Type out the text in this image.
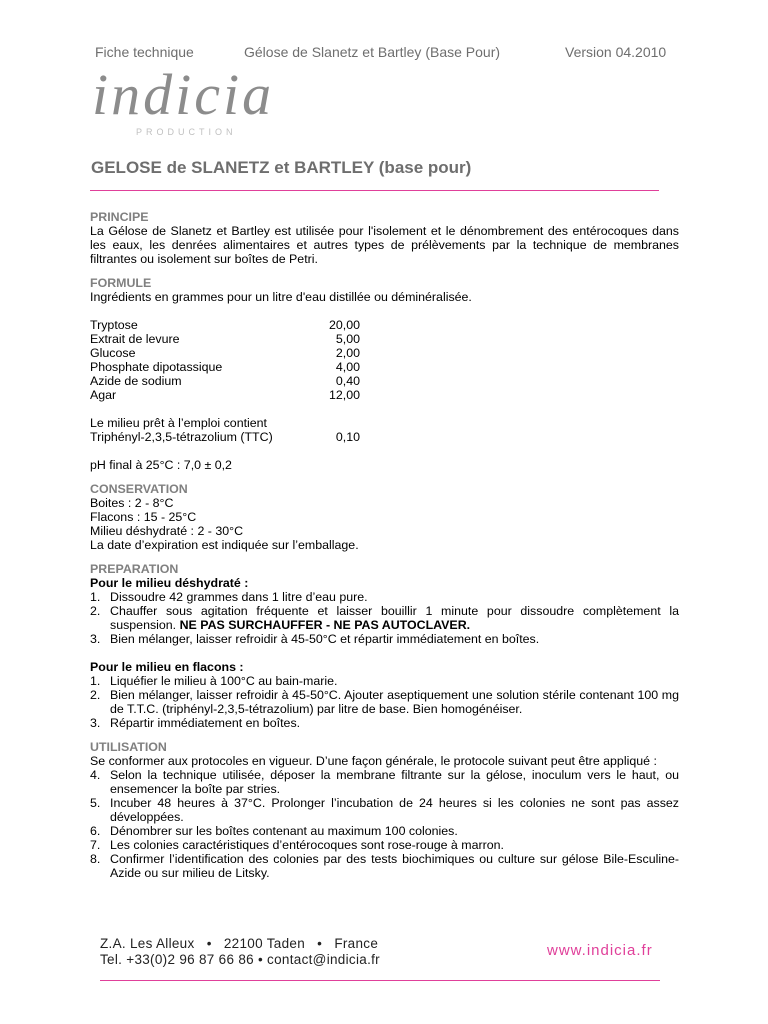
Fiche technique	Gélose de Slanetz et Bartley (Base Pour)	Version 04.2010
indicia
PRODUCTION
GELOSE de SLANETZ et BARTLEY (base pour)
PRINCIPE

La Gélose de Slanetz et Bartley est utilisée pour l'isolement et le dénombrement des entérocoques dans les eaux, les denrées alimentaires et autres types de prélèvements par la technique de membranes filtrantes ou isolement sur boîtes de Petri.

FORMULE

Ingrédients en grammes pour un litre d'eau distillée ou déminéralisée.

Tryptose	20,00
Extrait de levure	5,00
Glucose	2,00
Phosphate dipotassique	4,00
Azide de sodium	0,40
Agar	12,00

Le milieu prêt à l’emploi contient

Triphényl-2,3,5-tétrazolium (TTC)	0,10

pH final à 25°C : 7,0 ± 0,2

CONSERVATION

Boites : 2 - 8°C

Flacons : 15 - 25°C

Milieu déshydraté : 2 - 30°C

La date d’expiration est indiquée sur l’emballage.

PREPARATION

Pour le milieu déshydraté :

1. Dissoudre 42 grammes dans 1 litre d’eau pure.
2. Chauffer sous agitation fréquente et laisser bouillir 1 minute pour dissoudre complètement la suspension. NE PAS SURCHAUFFER - NE PAS AUTOCLAVER.
3. Bien mélanger, laisser refroidir à 45-50°C et répartir immédiatement en boîtes.

Pour le milieu en flacons :

1. Liquéfier le milieu à 100°C au bain-marie.
2. Bien mélanger, laisser refroidir à 45-50°C. Ajouter aseptiquement une solution stérile contenant 100 mg de T.T.C. (triphényl-2,3,5-tétrazolium) par litre de base. Bien homogénéiser.
3. Répartir immédiatement en boîtes.
UTILISATION

Se conformer aux protocoles en vigueur. D’une façon générale, le protocole suivant peut être appliqué :

4. Selon la technique utilisée, déposer la membrane filtrante sur la gélose, inoculum vers le haut, ou ensemencer la boîte par stries.
5. Incuber 48 heures à 37°C. Prolonger l’incubation de 24 heures si les colonies ne sont pas assez développées.
6. Dénombrer sur les boîtes contenant au maximum 100 colonies.
7. Les colonies caractéristiques d’entérocoques sont rose-rouge à marron.
8. Confirmer l’identification des colonies par des tests biochimiques ou culture sur gélose Bile-Esculine-Azide ou sur milieu de Litsky.
Z.A. Les Alleux   •   22100 Taden   •   France
Tel. +33(0)2 96 87 66 86 • contact@indicia.fr
www.indicia.fr
